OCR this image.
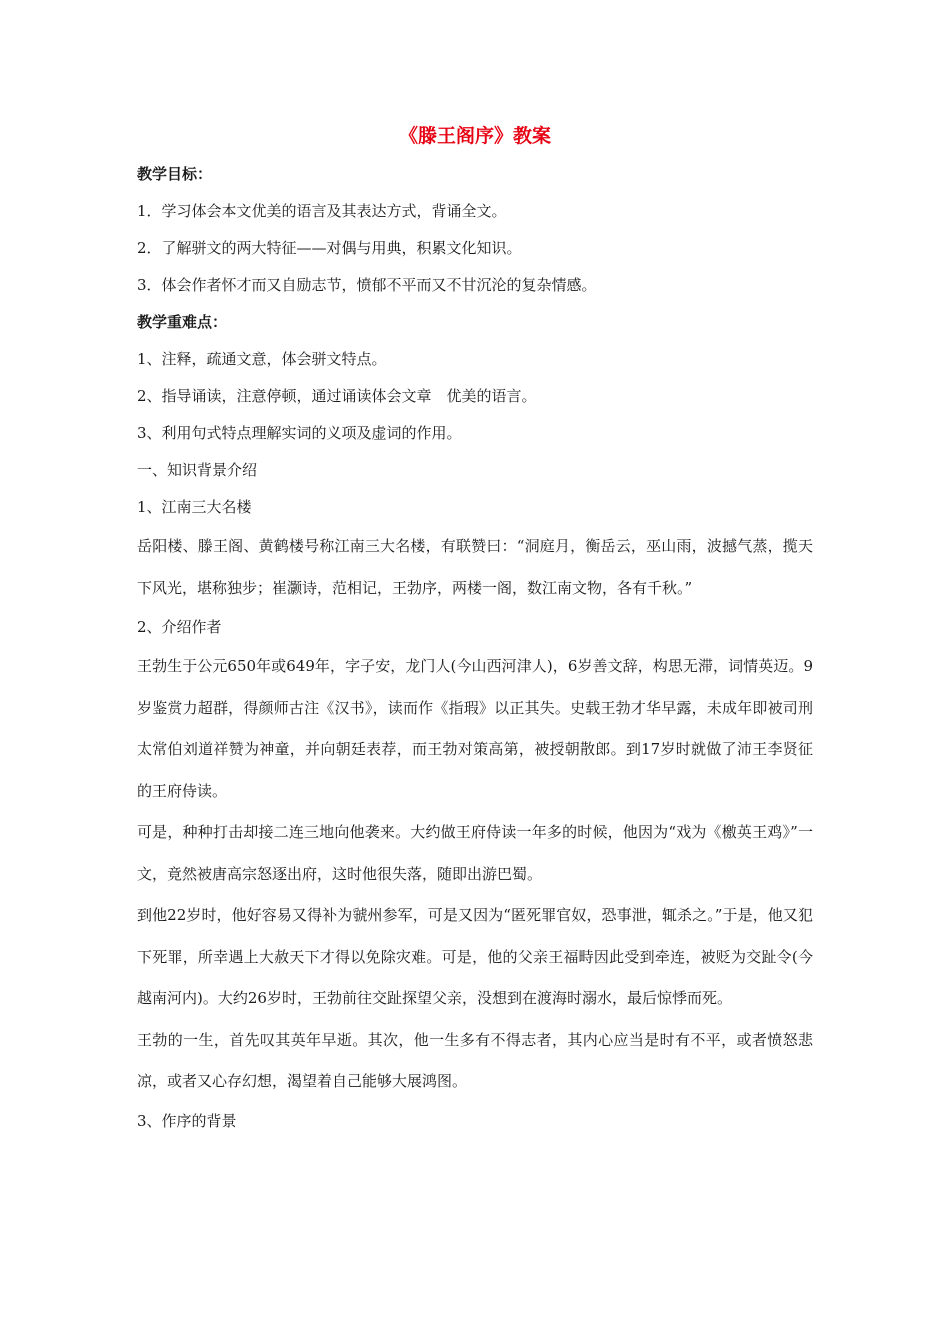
《滕王阁序》教案

教学目标：

1．学习体会本文优美的语言及其表达方式，背诵全文。

2．了解骈文的两大特征——对偶与用典，积累文化知识。

3．体会作者怀才而又自励志节，愤郁不平而又不甘沉沦的复杂情感。

教学重难点：

1、注释，疏通文意，体会骈文特点。

2、指导诵读，注意停顿，通过诵读体会文章　优美的语言。

3、利用句式特点理解实词的义项及虚词的作用。

一、知识背景介绍

1、江南三大名楼

岳阳楼、滕王阁、黄鹤楼号称江南三大名楼，有联赞曰：“洞庭月，衡岳云，巫山雨，波撼气蒸，揽天下风光，堪称独步；崔灏诗，范相记，王勃序，两楼一阁，数江南文物，各有千秋。”

2、介绍作者

王勃生于公元650年或649年，字子安，龙门人(今山西河津人)，6岁善文辞，构思无滞，词情英迈。9岁鉴赏力超群，得颜师古注《汉书》，读而作《指瑕》以正其失。史载王勃才华早露，未成年即被司刑太常伯刘道祥赞为神童，并向朝廷表荐，而王勃对策高第，被授朝散郎。到17岁时就做了沛王李贤征的王府侍读。

可是，种种打击却接二连三地向他袭来。大约做王府侍读一年多的时候，他因为“戏为《檄英王鸡》”一文，竟然被唐高宗怒逐出府，这时他很失落，随即出游巴蜀。

到他22岁时，他好容易又得补为虢州参军，可是又因为“匿死罪官奴，恐事泄，辄杀之。”于是，他又犯下死罪，所幸遇上大赦天下才得以免除灾难。可是，他的父亲王福畤因此受到牵连，被贬为交趾令(今越南河内)。大约26岁时，王勃前往交趾探望父亲，没想到在渡海时溺水，最后惊悸而死。

王勃的一生，首先叹其英年早逝。其次，他一生多有不得志者，其内心应当是时有不平，或者愤怒悲凉，或者又心存幻想，渴望着自己能够大展鸿图。

3、作序的背景
